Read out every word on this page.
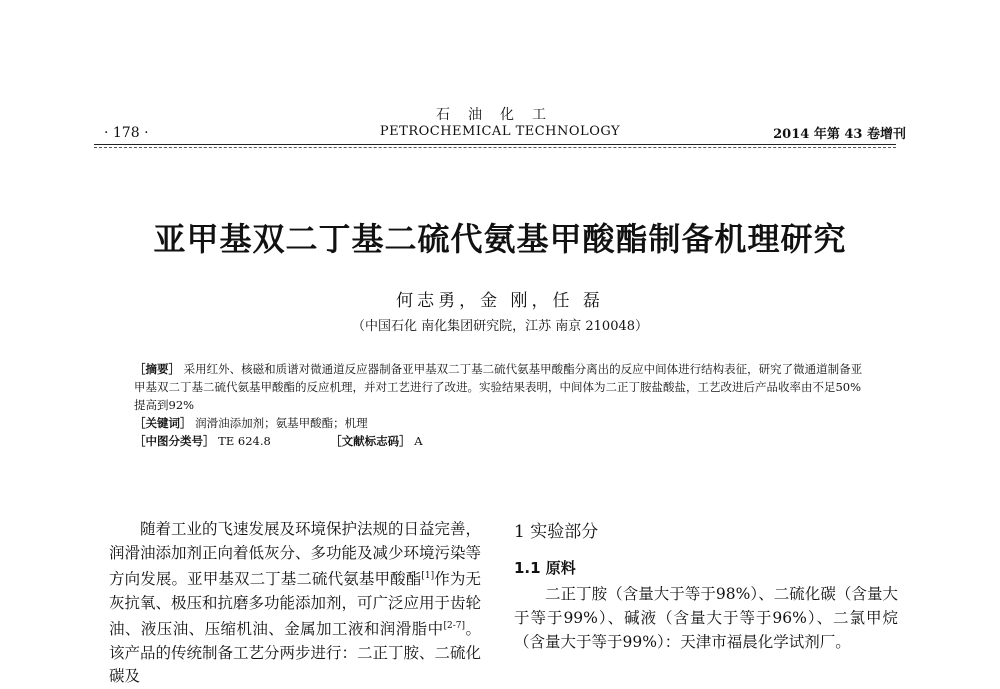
石油化工
· 178 ·	PETROCHEMICAL TECHNOLOGY	2014 年第 43 卷增刊
亚甲基双二丁基二硫代氨基甲酸酯制备机理研究
何志勇，金 刚，任 磊
（中国石化 南化集团研究院，江苏 南京 210048）
［摘要］ 采用红外、核磁和质谱对微通道反应器制备亚甲基双二丁基二硫代氨基甲酸酯分离出的反应中间体进行结构表征，研究了微通道制备亚甲基双二丁基二硫代氨基甲酸酯的反应机理，并对工艺进行了改进。实验结果表明，中间体为二正丁胺盐酸盐，工艺改进后产品收率由不足50%提高到92%
［关键词］ 润滑油添加剂；氨基甲酸酯；机理
［中图分类号］ TE 624.8	［文献标志码］ A

随着工业的飞速发展及环境保护法规的日益完善，润滑油添加剂正向着低灰分、多功能及减少环境污染等方向发展。亚甲基双二丁基二硫代氨基甲酸酯[1]作为无灰抗氧、极压和抗磨多功能添加剂，可广泛应用于齿轮油、液压油、压缩机油、金属加工液和润滑脂中[2-7]。该产品的传统制备工艺分两步进行：二正丁胺、二硫化碳及

1 实验部分
1.1 原料

二正丁胺（含量大于等于98%）、二硫化碳（含量大于等于99%）、碱液（含量大于等于96%）、二氯甲烷（含量大于等于99%）：天津市福晨化学试剂厂。
